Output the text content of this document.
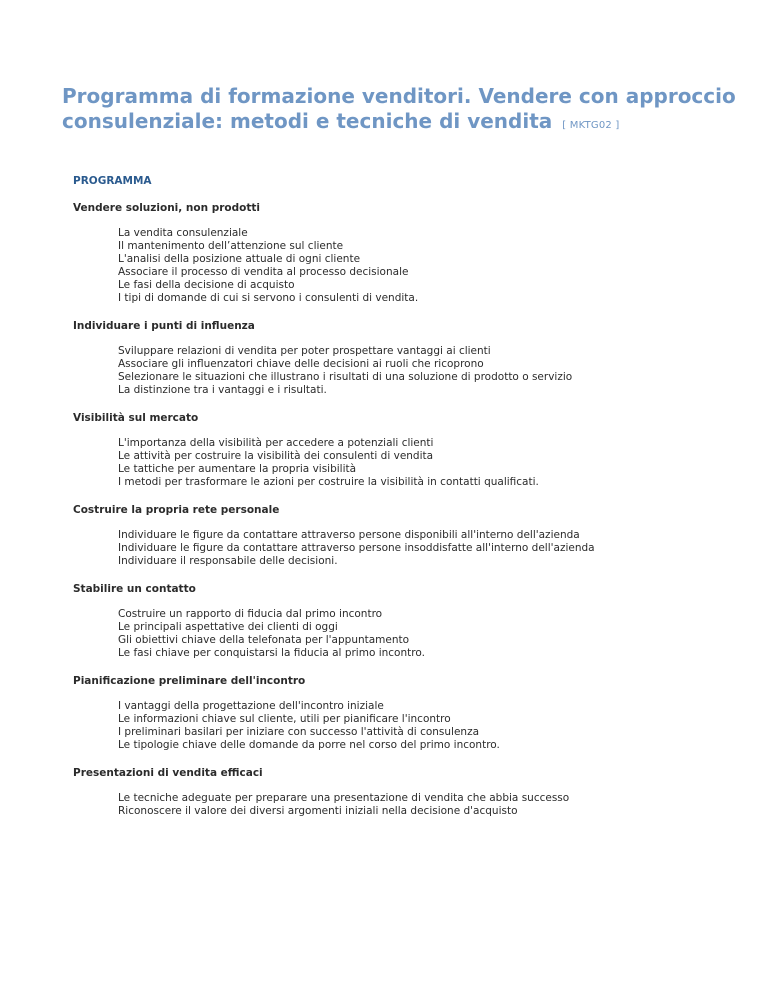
Programma di formazione venditori. Vendere con approccio
consulenziale: metodi e tecniche di vendita [ MKTG02 ]
PROGRAMMA
Vendere soluzioni, non prodotti
La vendita consulenziale
Il mantenimento dell’attenzione sul cliente
L'analisi della posizione attuale di ogni cliente
Associare il processo di vendita al processo decisionale
Le fasi della decisione di acquisto
I tipi di domande di cui si servono i consulenti di vendita.
Individuare i punti di influenza
Sviluppare relazioni di vendita per poter prospettare vantaggi ai clienti
Associare gli influenzatori chiave delle decisioni ai ruoli che ricoprono
Selezionare le situazioni che illustrano i risultati di una soluzione di prodotto o servizio
La distinzione tra i vantaggi e i risultati.
Visibilità sul mercato
L'importanza della visibilità per accedere a potenziali clienti
Le attività per costruire la visibilità dei consulenti di vendita
Le tattiche per aumentare la propria visibilità
I metodi per trasformare le azioni per costruire la visibilità in contatti qualificati.
Costruire la propria rete personale
Individuare le figure da contattare attraverso persone disponibili all'interno dell'azienda
Individuare le figure da contattare attraverso persone insoddisfatte all'interno dell'azienda
Individuare il responsabile delle decisioni.
Stabilire un contatto
Costruire un rapporto di fiducia dal primo incontro
Le principali aspettative dei clienti di oggi
Gli obiettivi chiave della telefonata per l'appuntamento
Le fasi chiave per conquistarsi la fiducia al primo incontro.
Pianificazione preliminare dell'incontro
I vantaggi della progettazione dell'incontro iniziale
Le informazioni chiave sul cliente, utili per pianificare l'incontro
I preliminari basilari per iniziare con successo l'attività di consulenza
Le tipologie chiave delle domande da porre nel corso del primo incontro.
Presentazioni di vendita efficaci
Le tecniche adeguate per preparare una presentazione di vendita che abbia successo
Riconoscere il valore dei diversi argomenti iniziali nella decisione d'acquisto
